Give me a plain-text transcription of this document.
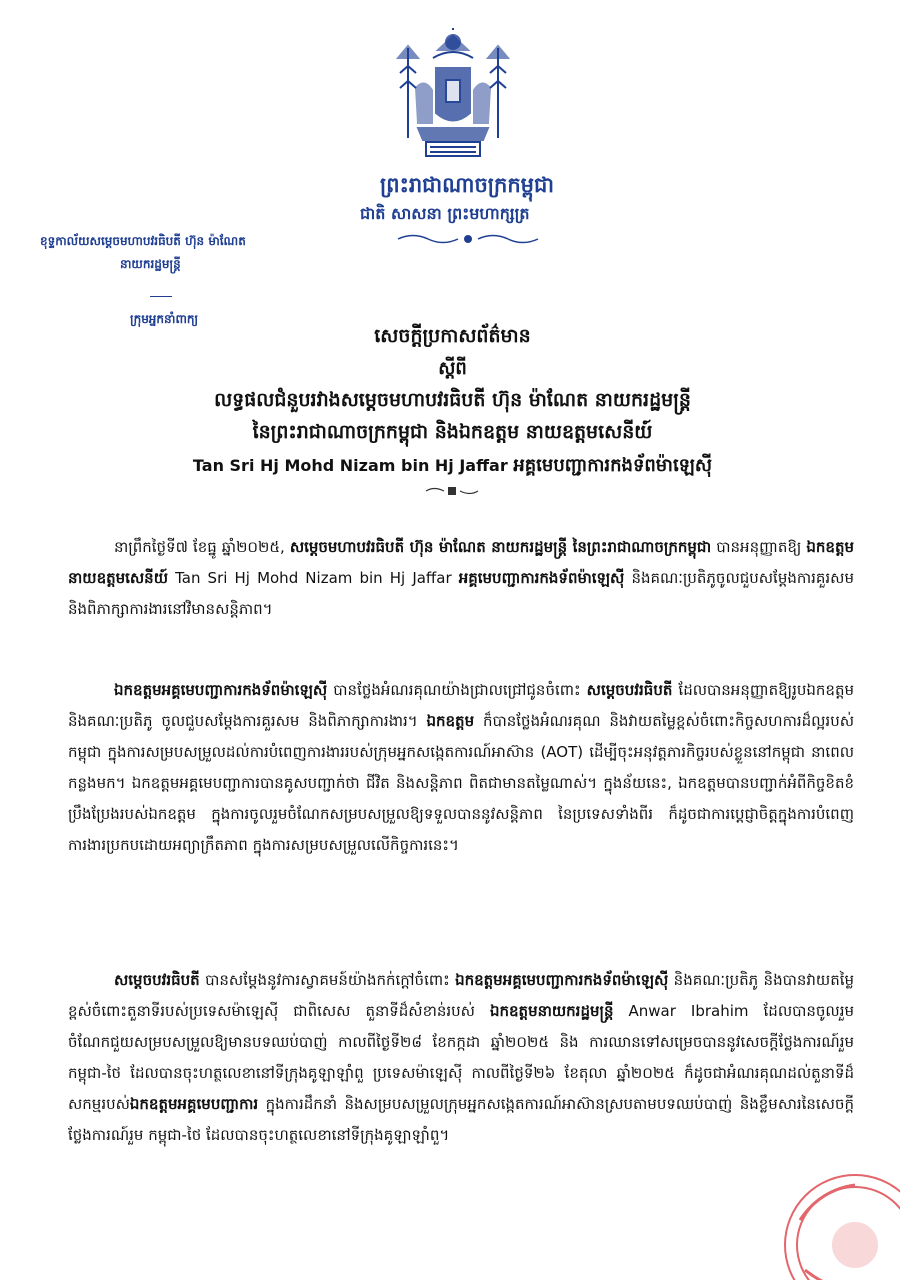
ព្រះរាជាណាចក្រកម្ពុជា
ជាតិ សាសនា ព្រះមហាក្សត្រ
ខុទ្ទកាល័យសម្តេចមហាបវរធិបតី ហ៊ុន ម៉ាណែត
នាយករដ្ឋមន្ត្រី
ក្រុមអ្នកនាំពាក្យ
សេចក្តីប្រកាសព័ត៌មាន
ស្តីពី
លទ្ធផលជំនួបរវាងសម្តេចមហាបវរធិបតី ហ៊ុន ម៉ាណែត នាយករដ្ឋមន្ត្រី
នៃព្រះរាជាណាចក្រកម្ពុជា និងឯកឧត្តម នាយឧត្តមសេនីយ៍
Tan Sri Hj Mohd Nizam bin Hj Jaffar អគ្គមេបញ្ជាការកងទ័ពម៉ាឡេស៊ី
នាព្រឹកថ្ងៃទី៧ ខែធ្នូ ឆ្នាំ២០២៥, សម្តេចមហាបវរធិបតី ហ៊ុន ម៉ាណែត នាយករដ្ឋមន្ត្រី នៃព្រះរាជាណាចក្រកម្ពុជា បានអនុញ្ញាតឱ្យ ឯកឧត្តម នាយឧត្តមសេនីយ៍ Tan Sri Hj Mohd Nizam bin Hj Jaffar អគ្គមេបញ្ជាការកងទ័ពម៉ាឡេស៊ី និងគណៈប្រតិភូចូលជួបសម្តែងការគួរសម និងពិភាក្សាការងារនៅវិមានសន្តិភាព។
ឯកឧត្តមអគ្គមេបញ្ជាការកងទ័ពម៉ាឡេស៊ី បានថ្លែងអំណរគុណយ៉ាងជ្រាលជ្រៅជូនចំពោះ សម្តេចបវរធិបតី ដែលបានអនុញ្ញាតឱ្យរូបឯកឧត្តម និងគណៈប្រតិភូ ចូលជួបសម្តែងការគួរសម និងពិភាក្សាការងារ។ ឯកឧត្តម ក៏បានថ្លែងអំណរគុណ និងវាយតម្លៃខ្ពស់ចំពោះកិច្ចសហការដ៏ល្អរបស់កម្ពុជា ក្នុងការសម្របសម្រួលដល់ការបំពេញការងាររបស់ក្រុមអ្នកសង្កេតការណ៍អាស៊ាន (AOT) ដើម្បីចុះអនុវត្តភារកិច្ចរបស់ខ្លួននៅកម្ពុជា នាពេលកន្លងមក។ ឯកឧត្តមអគ្គមេបញ្ជាការបានគូសបញ្ជាក់ថា ជីវិត និងសន្តិភាព ពិតជាមានតម្លៃណាស់។ ក្នុងន័យនេះ, ឯកឧត្តមបានបញ្ជាក់អំពីកិច្ចខិតខំប្រឹងប្រែងរបស់ឯកឧត្តម ក្នុងការចូលរួមចំណែកសម្របសម្រួលឱ្យទទួលបាននូវសន្តិភាព នៃប្រទេសទាំងពីរ ក៏ដូចជាការប្តេជ្ញាចិត្តក្នុងការបំពេញការងារប្រកបដោយអព្យាក្រឹតភាព ក្នុងការសម្របសម្រួលលើកិច្ចការនេះ។
សម្តេចបវរធិបតី បានសម្តែងនូវការស្វាគមន៍យ៉ាងកក់ក្តៅចំពោះ ឯកឧត្តមអគ្គមេបញ្ជាការកងទ័ពម៉ាឡេស៊ី និងគណៈប្រតិភូ និងបានវាយតម្លៃខ្ពស់ចំពោះតួនាទីរបស់ប្រទេសម៉ាឡេស៊ី ជាពិសេស តួនាទីដ៏សំខាន់របស់ ឯកឧត្តមនាយករដ្ឋមន្ត្រី Anwar Ibrahim ដែលបានចូលរួមចំណែកជួយសម្របសម្រួលឱ្យមានបទឈប់បាញ់ កាលពីថ្ងៃទី២៨ ខែកក្កដា ឆ្នាំ២០២៥ និង ការឈានទៅសម្រេចបាននូវសេចក្តីថ្លែងការណ៍រួម កម្ពុជា-ថៃ ដែលបានចុះហត្ថលេខានៅទីក្រុងគូឡាឡាំពួ ប្រទេសម៉ាឡេស៊ី កាលពីថ្ងៃទី២៦ ខែតុលា ឆ្នាំ២០២៥ ក៏ដូចជាអំណរគុណដល់តួនាទីដ៏សកម្មរបស់ឯកឧត្តមអគ្គមេបញ្ជាការ ក្នុងការដឹកនាំ និងសម្របសម្រួលក្រុមអ្នកសង្កេតការណ៍អាស៊ានស្របតាមបទឈប់បាញ់ និងខ្លឹមសារនៃសេចក្តីថ្លែងការណ៍រួម កម្ពុជា-ថៃ ដែលបានចុះហត្ថលេខានៅទីក្រុងគូឡាឡាំពួ។
